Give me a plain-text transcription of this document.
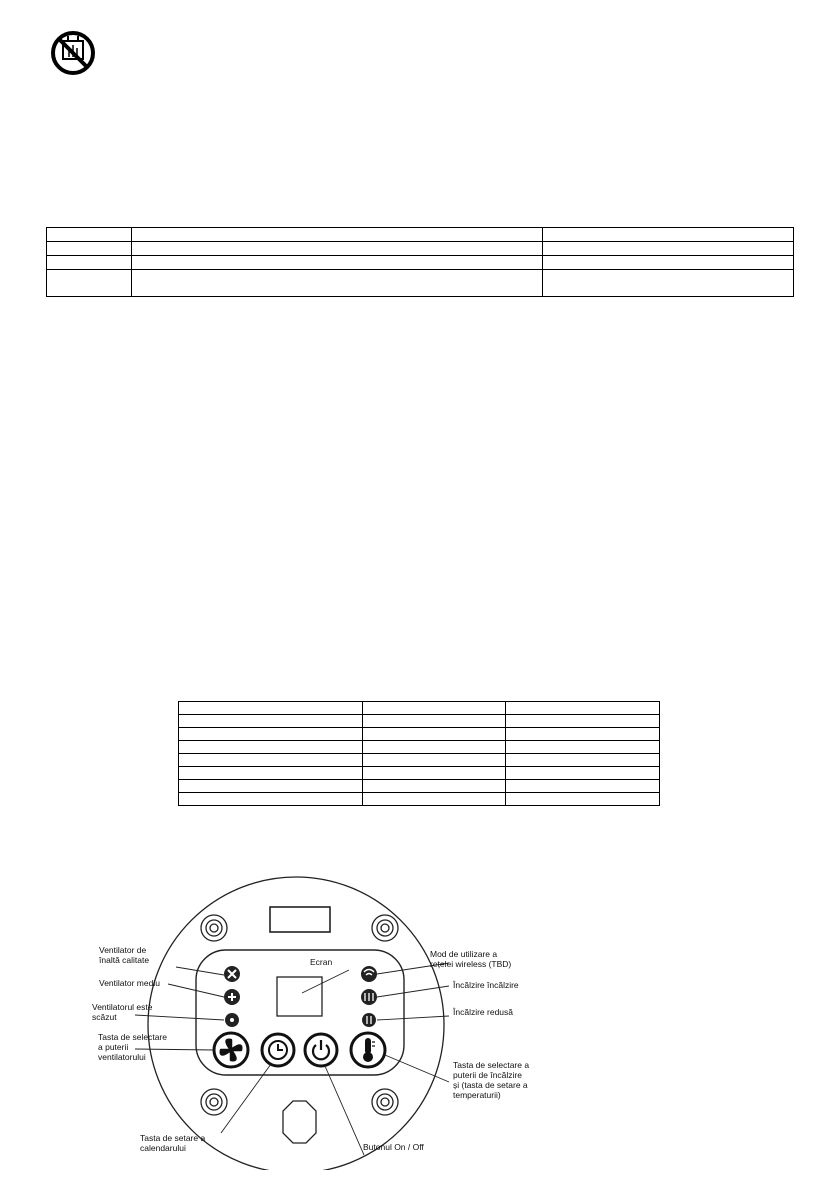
Ventilator de
înaltă calitate
Ventilator mediu
Ventilatorul este
scăzut
Tasta de selectare
a puterii
ventilatorului
Tasta de setare a
calendarului	Butonul On / Off
Ecran
Mod de utilizare a
rețelei wireless (TBD)
Încălzire încălzire
Încălzire redusă
Tasta de selectare a
puterii de încălzire
și (tasta de setare a
temperaturii)
